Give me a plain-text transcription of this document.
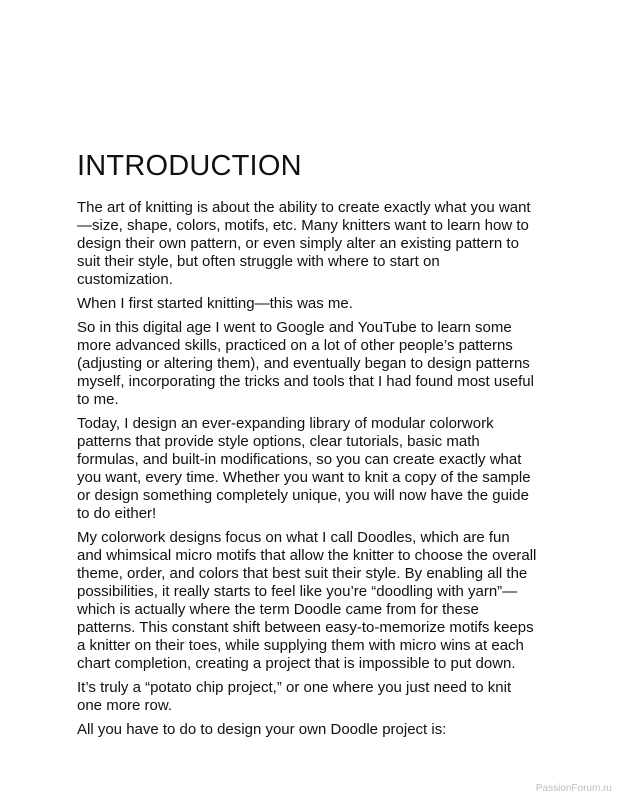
INTRODUCTION

The art of knitting is about the ability to create exactly what you want
—size, shape, colors, motifs, etc. Many knitters want to learn how to
design their own pattern, or even simply alter an existing pattern to
suit their style, but often struggle with where to start on
customization.

When I first started knitting—this was me.

So in this digital age I went to Google and YouTube to learn some
more advanced skills, practiced on a lot of other people’s patterns
(adjusting or altering them), and eventually began to design patterns
myself, incorporating the tricks and tools that I had found most useful
to me.

Today, I design an ever-expanding library of modular colorwork
patterns that provide style options, clear tutorials, basic math
formulas, and built-in modifications, so you can create exactly what
you want, every time. Whether you want to knit a copy of the sample
or design something completely unique, you will now have the guide
to do either!

My colorwork designs focus on what I call Doodles, which are fun
and whimsical micro motifs that allow the knitter to choose the overall
theme, order, and colors that best suit their style. By enabling all the
possibilities, it really starts to feel like you’re “doodling with yarn”—
which is actually where the term Doodle came from for these
patterns. This constant shift between easy-to-memorize motifs keeps
a knitter on their toes, while supplying them with micro wins at each
chart completion, creating a project that is impossible to put down.

It’s truly a “potato chip project,” or one where you just need to knit
one more row.

All you have to do to design your own Doodle project is:

PassionForum.ru
